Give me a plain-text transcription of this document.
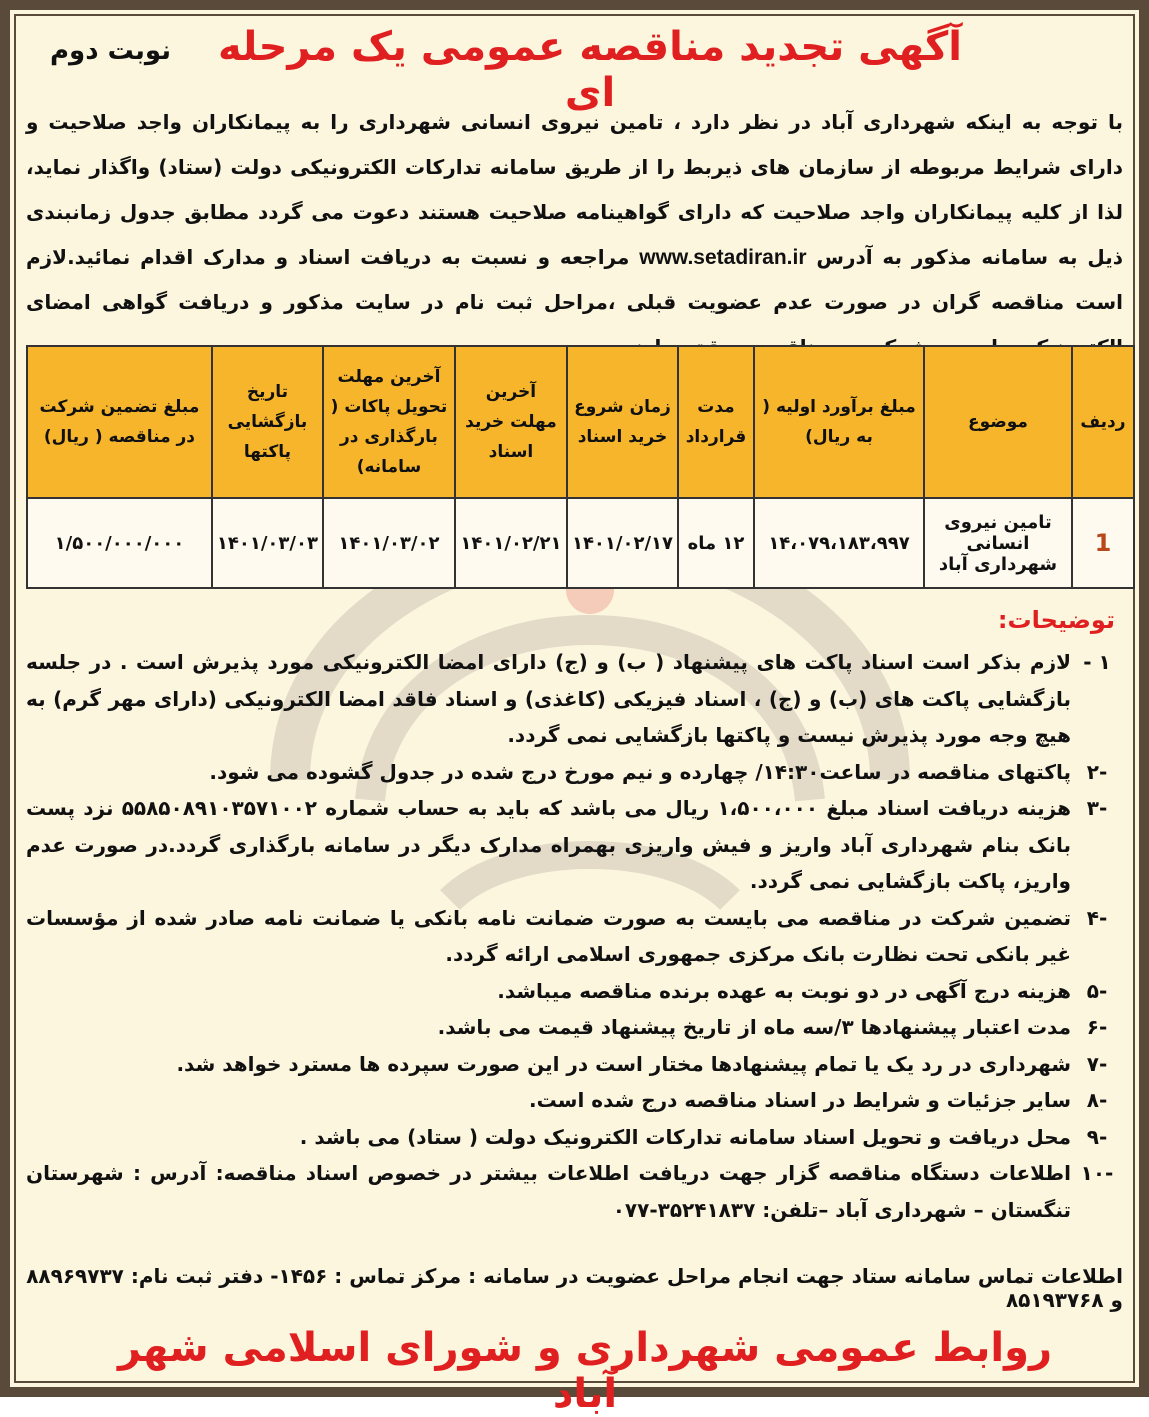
آگهی تجدید مناقصه عمومی یک مرحله ای
نوبت دوم
با توجه به اینکه شهرداری آباد در نظر دارد ، تامین نیروی انسانی شهرداری را به پیمانکاران واجد صلاحیت و دارای شرایط مربوطه از سازمان های ذیربط را از طریق سامانه تدارکات الکترونیکی دولت (ستاد) واگذار نماید، لذا از کلیه پیمانکاران واجد صلاحیت که دارای گواهینامه صلاحیت هستند دعوت می گردد مطابق جدول زمانبندی ذیل به سامانه مذکور به آدرس www.setadiran.ir مراجعه و نسبت به دریافت اسناد و مدارک اقدام نمائید.لازم است مناقصه گران در صورت عدم عضویت قبلی ،مراحل ثبت نام در سایت مذکور و دریافت گواهی امضای
ردیف	موضوع	مبلغ برآورد اولیه ( به ریال)	مدت قرارداد	زمان شروع خرید اسناد	آخرین مهلت خرید اسناد	آخرین مهلت تحویل پاکات ( بارگذاری در سامانه)	تاریخ بازگشایی پاکتها	مبلغ تضمین شرکت در مناقصه ( ریال)
1	تامین نیروی انسانی شهرداری آباد	۱۴،۰۷۹،۱۸۳،۹۹۷	۱۲ ماه	۱۴۰۱/۰۲/۱۷	۱۴۰۱/۰۲/۲۱	۱۴۰۱/۰۳/۰۲	۱۴۰۱/۰۳/۰۳	۱/۵۰۰/۰۰۰/۰۰۰
توضیحات:
۱ -
لازم بذکر است اسناد پاکت های پیشنهاد ( ب) و (ج) دارای امضا الکترونیکی مورد پذیرش است . در جلسه بازگشایی پاکت های (ب) و (ج) ، اسناد فیزیکی (کاغذی) و اسناد فاقد امضا الکترونیکی (دارای مهر گرم) به هیچ وجه مورد پذیرش نیست و پاکتها بازگشایی نمی گردد.
-۲
پاکتهای مناقصه در ساعت۱۴:۳۰/ چهارده و نیم مورخ درج شده در جدول گشوده می شود.
-۳
هزینه دریافت اسناد مبلغ ۱،۵۰۰،۰۰۰ ریال می باشد که باید به حساب شماره ۵۵۸۵۰۸۹۱۰۳۵۷۱۰۰۲ نزد پست بانک بنام شهرداری آباد واریز و فیش واریزی بهمراه مدارک دیگر در سامانه بارگذاری گردد.در صورت عدم واریز، پاکت بازگشایی نمی گردد.
-۴
تضمین شرکت در مناقصه می بایست به صورت ضمانت نامه بانکی یا ضمانت نامه صادر شده از مؤسسات غیر بانکی تحت نظارت بانک مرکزی جمهوری اسلامی ارائه گردد.
-۵
هزینه درج آگهی در دو نوبت به عهده برنده مناقصه میباشد.
-۶
مدت اعتبار پیشنهادها ۳/سه ماه از تاریخ پیشنهاد قیمت می باشد.
-۷
شهرداری در رد یک یا تمام پیشنهادها مختار است در این صورت سپرده ها مسترد خواهد شد.
-۸
سایر جزئیات و شرایط در اسناد مناقصه درج شده است.
-۹
محل دریافت و تحویل اسناد سامانه تدارکات الکترونیک دولت ( ستاد) می باشد .
-۱۰
اطلاعات دستگاه مناقصه گزار جهت دریافت اطلاعات بیشتر در خصوص اسناد مناقصه: آدرس : شهرستان تنگستان – شهرداری آباد –تلفن: ۳۵۲۴۱۸۳۷-۰۷۷
اطلاعات تماس سامانه ستاد جهت انجام مراحل عضویت در سامانه : مرکز تماس : ۱۴۵۶- دفتر ثبت نام: ۸۸۹۶۹۷۳۷ و ۸۵۱۹۳۷۶۸
روابط عمومی شهرداری و شورای اسلامی شهر آباد
